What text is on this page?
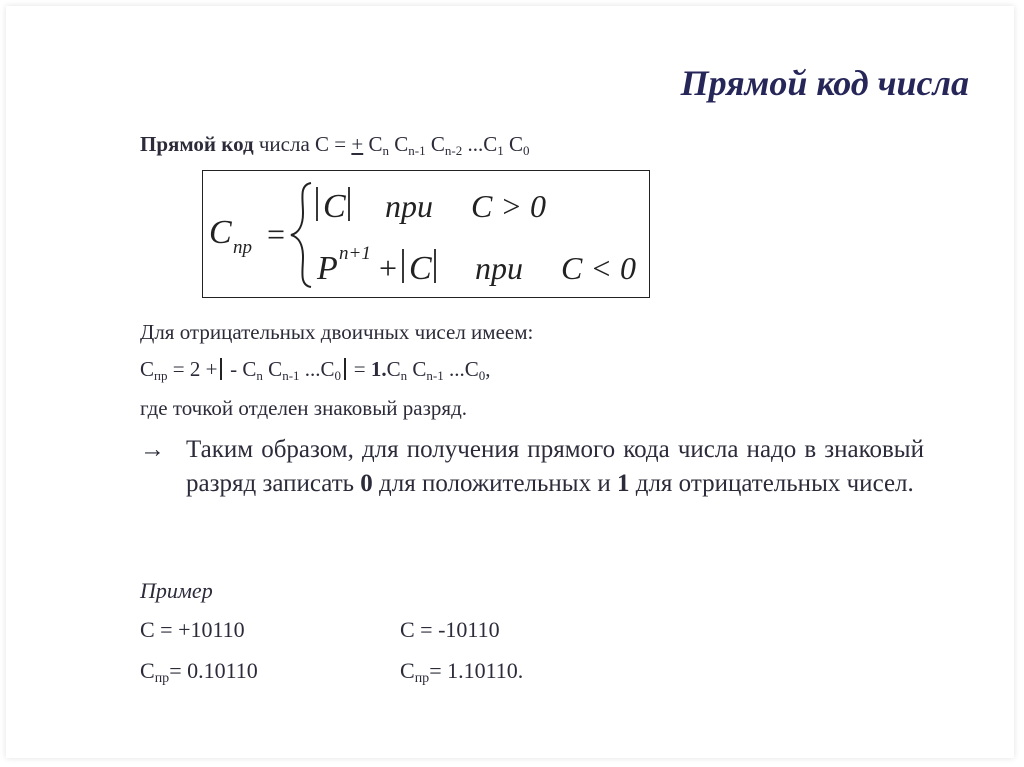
Прямой код числа
Прямой код числа C = + $C_n$ $C_{n-1}$ $C_{n-2}$ $...C_1$ $C_0$
C пр =
C при C > 0
P n+1 + C при C < 0
Для отрицательных двоичных чисел имеем:
$C_{пр} = 2$ + - $C_n$ $C_{n-1}$ $...C_0 = 1.C_n$ $C_{n-1}$ $...C_0$,
где точкой отделен знаковый разряд.
→ Таким образом, для получения прямого кода числа надо в знаковый разряд записать 0 для положительных и 1 для отрицательных чисел.
Пример
C = +10110	C = -10110
$C_{пр}= 0.10110$	$C_{пр}= 1.10110$.
